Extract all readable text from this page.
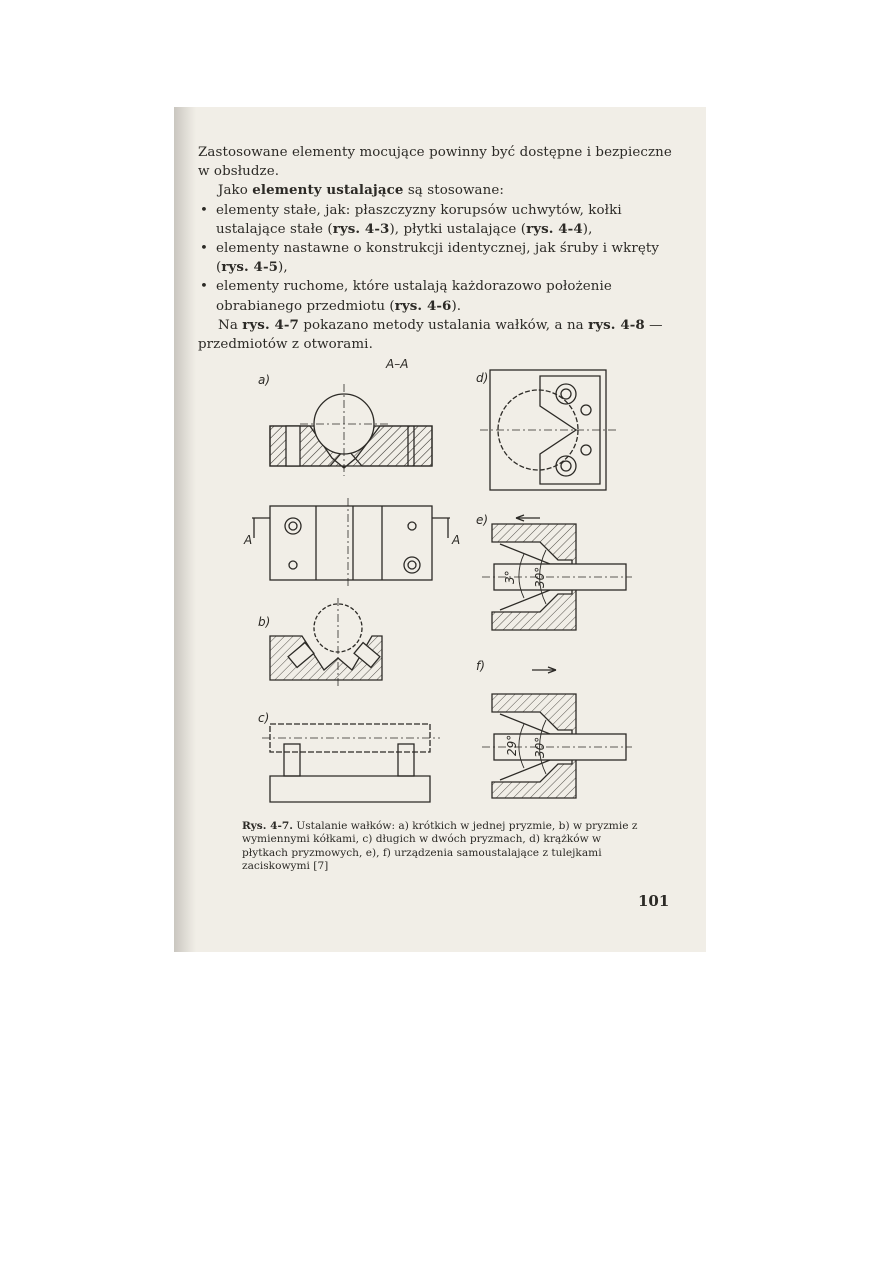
Zastosowane elementy mocujące powinny być dostępne i bezpieczne w obsłudze.

Jako elementy ustalające są stosowane:

• elementy stałe, jak: płaszczyzny korupsów uchwytów, kołki ustalające stałe (rys. 4-3), płytki ustalające (rys. 4-4),

• elementy nastawne o konstrukcji identycznej, jak śruby i wkręty (rys. 4-5),

• elementy ruchome, które ustalają każdorazowo położenie obrabianego przedmiotu (rys. 4-6).

Na rys. 4-7 pokazano metody ustalania wałków, a na rys. 4-8 — przedmiotów z otworami.

a)
A–A
A	A
b)
c)
d)
e)
f)
3° 30°
29° 30°

Rys. 4-7. Ustalanie wałków: a) krótkich w jednej pryzmie, b) w pryzmie z wymiennymi kółkami, c) długich w dwóch pryzmach, d) krążków w płytkach pryzmowych, e), f) urządzenia samoustalające z tulejkami zaciskowymi [7]

101
